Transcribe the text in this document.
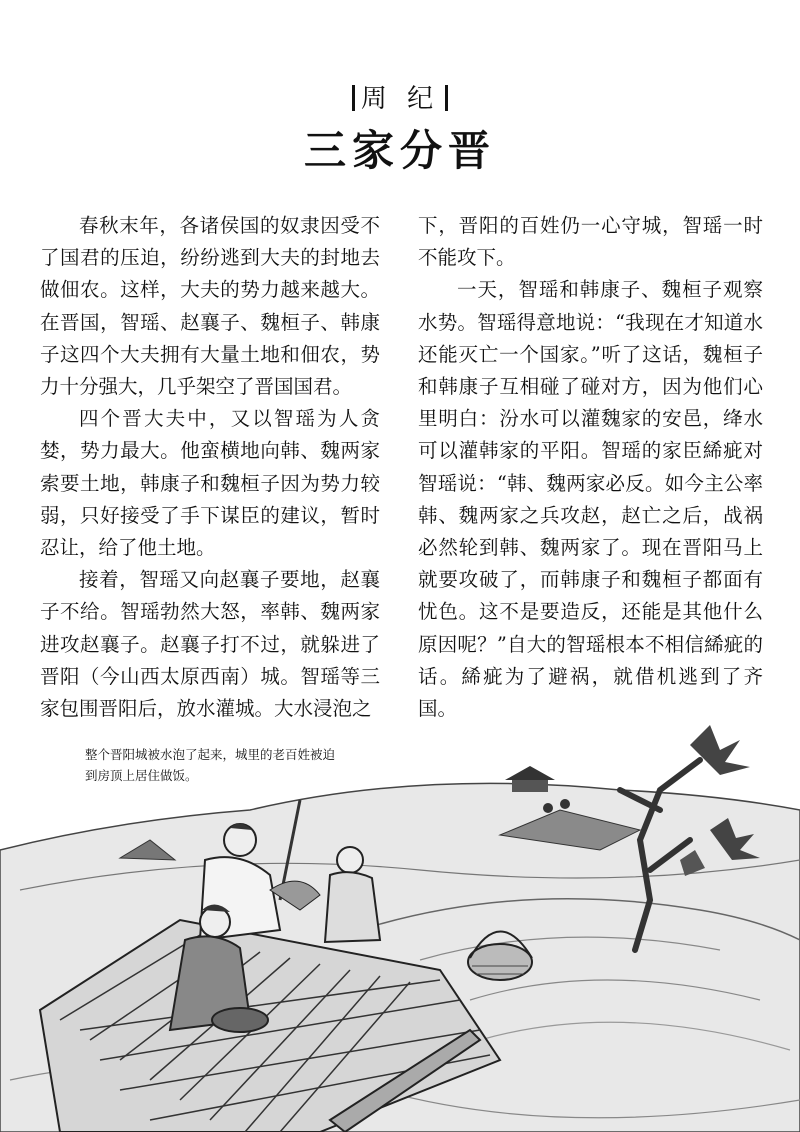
周 纪
三家分晋

春秋末年，各诸侯国的奴隶因受不了国君的压迫，纷纷逃到大夫的封地去做佃农。这样，大夫的势力越来越大。在晋国，智瑶、赵襄子、魏桓子、韩康子这四个大夫拥有大量土地和佃农，势力十分强大，几乎架空了晋国国君。

四个晋大夫中，又以智瑶为人贪婪，势力最大。他蛮横地向韩、魏两家索要土地，韩康子和魏桓子因为势力较弱，只好接受了手下谋臣的建议，暂时忍让，给了他土地。

接着，智瑶又向赵襄子要地，赵襄子不给。智瑶勃然大怒，率韩、魏两家进攻赵襄子。赵襄子打不过，就躲进了晋阳（今山西太原西南）城。智瑶等三家包围晋阳后，放水灌城。大水浸泡之

下，晋阳的百姓仍一心守城，智瑶一时不能攻下。

一天，智瑶和韩康子、魏桓子观察水势。智瑶得意地说：“我现在才知道水还能灭亡一个国家。”听了这话，魏桓子和韩康子互相碰了碰对方，因为他们心里明白：汾水可以灌魏家的安邑，绛水可以灌韩家的平阳。智瑶的家臣絺疵对智瑶说：“韩、魏两家必反。如今主公率韩、魏两家之兵攻赵，赵亡之后，战祸必然轮到韩、魏两家了。现在晋阳马上就要攻破了，而韩康子和魏桓子都面有忧色。这不是要造反，还能是其他什么原因呢？”自大的智瑶根本不相信絺疵的话。絺疵为了避祸，就借机逃到了齐国。

整个晋阳城被水泡了起来，城里的老百姓被迫到房顶上居住做饭。
